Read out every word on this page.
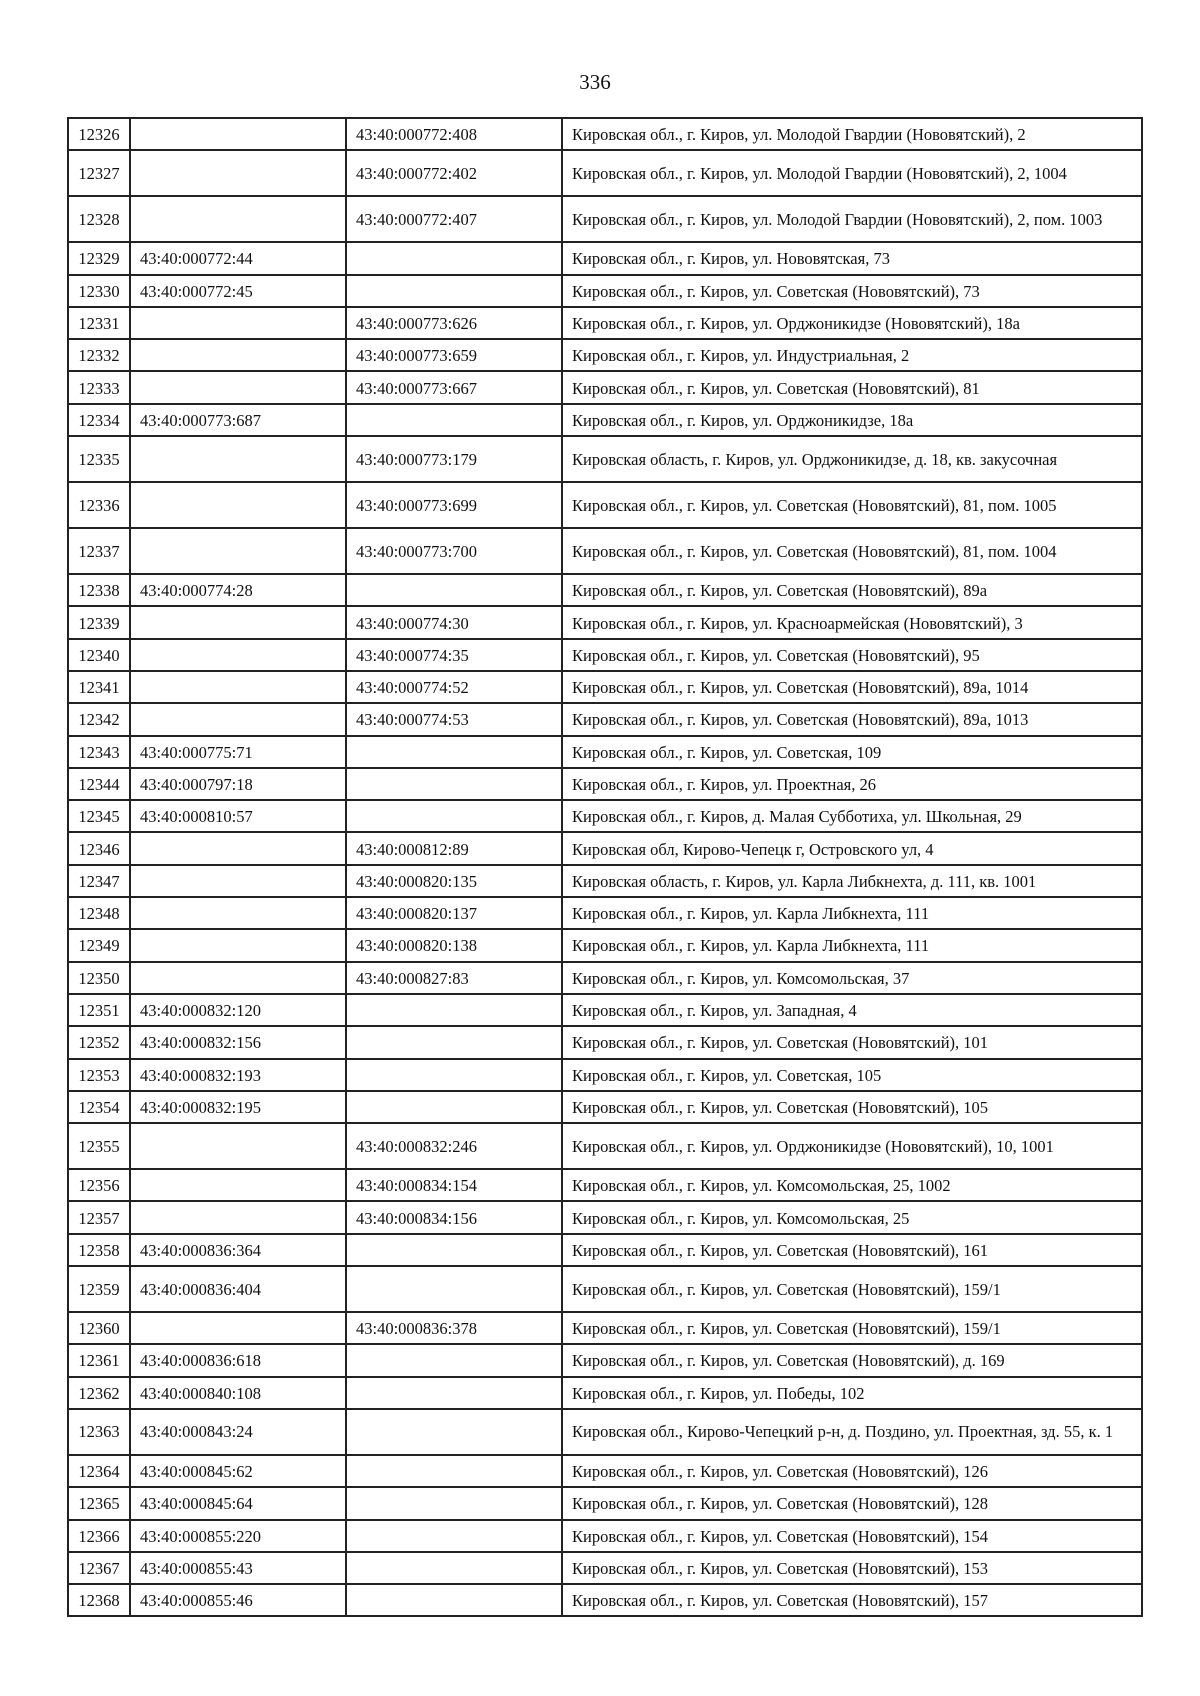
336
12326		43:40:000772:408	Кировская обл., г. Киров, ул. Молодой Гвардии (Нововятский), 2
12327		43:40:000772:402	Кировская обл., г. Киров, ул. Молодой Гвардии (Нововятский), 2, 1004
12328		43:40:000772:407	Кировская обл., г. Киров, ул. Молодой Гвардии (Нововятский), 2, пом. 1003
12329	43:40:000772:44		Кировская обл., г. Киров, ул. Нововятская, 73
12330	43:40:000772:45		Кировская обл., г. Киров, ул. Советская (Нововятский), 73
12331		43:40:000773:626	Кировская обл., г. Киров, ул. Орджоникидзе (Нововятский), 18а
12332		43:40:000773:659	Кировская обл., г. Киров, ул. Индустриальная, 2
12333		43:40:000773:667	Кировская обл., г. Киров, ул. Советская (Нововятский), 81
12334	43:40:000773:687		Кировская обл., г. Киров, ул. Орджоникидзе, 18а
12335		43:40:000773:179	Кировская область, г. Киров, ул. Орджоникидзе, д. 18, кв. закусочная
12336		43:40:000773:699	Кировская обл., г. Киров, ул. Советская (Нововятский), 81, пом. 1005
12337		43:40:000773:700	Кировская обл., г. Киров, ул. Советская (Нововятский), 81, пом. 1004
12338	43:40:000774:28		Кировская обл., г. Киров, ул. Советская (Нововятский), 89а
12339		43:40:000774:30	Кировская обл., г. Киров, ул. Красноармейская (Нововятский), 3
12340		43:40:000774:35	Кировская обл., г. Киров, ул. Советская (Нововятский), 95
12341		43:40:000774:52	Кировская обл., г. Киров, ул. Советская (Нововятский), 89а, 1014
12342		43:40:000774:53	Кировская обл., г. Киров, ул. Советская (Нововятский), 89а, 1013
12343	43:40:000775:71		Кировская обл., г. Киров, ул. Советская, 109
12344	43:40:000797:18		Кировская обл., г. Киров, ул. Проектная, 26
12345	43:40:000810:57		Кировская обл., г. Киров, д. Малая Субботиха, ул. Школьная, 29
12346		43:40:000812:89	Кировская обл, Кирово-Чепецк г, Островского ул, 4
12347		43:40:000820:135	Кировская область, г. Киров, ул. Карла Либкнехта, д. 111, кв. 1001
12348		43:40:000820:137	Кировская обл., г. Киров, ул. Карла Либкнехта, 111
12349		43:40:000820:138	Кировская обл., г. Киров, ул. Карла Либкнехта, 111
12350		43:40:000827:83	Кировская обл., г. Киров, ул. Комсомольская, 37
12351	43:40:000832:120		Кировская обл., г. Киров, ул. Западная, 4
12352	43:40:000832:156		Кировская обл., г. Киров, ул. Советская (Нововятский), 101
12353	43:40:000832:193		Кировская обл., г. Киров, ул. Советская, 105
12354	43:40:000832:195		Кировская обл., г. Киров, ул. Советская (Нововятский), 105
12355		43:40:000832:246	Кировская обл., г. Киров, ул. Орджоникидзе (Нововятский), 10, 1001
12356		43:40:000834:154	Кировская обл., г. Киров, ул. Комсомольская, 25, 1002
12357		43:40:000834:156	Кировская обл., г. Киров, ул. Комсомольская, 25
12358	43:40:000836:364		Кировская обл., г. Киров, ул. Советская (Нововятский), 161
12359	43:40:000836:404		Кировская обл., г. Киров, ул. Советская (Нововятский), 159/1
12360		43:40:000836:378	Кировская обл., г. Киров, ул. Советская (Нововятский), 159/1
12361	43:40:000836:618		Кировская обл., г. Киров, ул. Советская (Нововятский), д. 169
12362	43:40:000840:108		Кировская обл., г. Киров, ул. Победы, 102
12363	43:40:000843:24		Кировская обл., Кирово-Чепецкий р-н, д. Поздино, ул. Проектная, зд. 55, к. 1
12364	43:40:000845:62		Кировская обл., г. Киров, ул. Советская (Нововятский), 126
12365	43:40:000845:64		Кировская обл., г. Киров, ул. Советская (Нововятский), 128
12366	43:40:000855:220		Кировская обл., г. Киров, ул. Советская (Нововятский), 154
12367	43:40:000855:43		Кировская обл., г. Киров, ул. Советская (Нововятский), 153
12368	43:40:000855:46		Кировская обл., г. Киров, ул. Советская (Нововятский), 157
